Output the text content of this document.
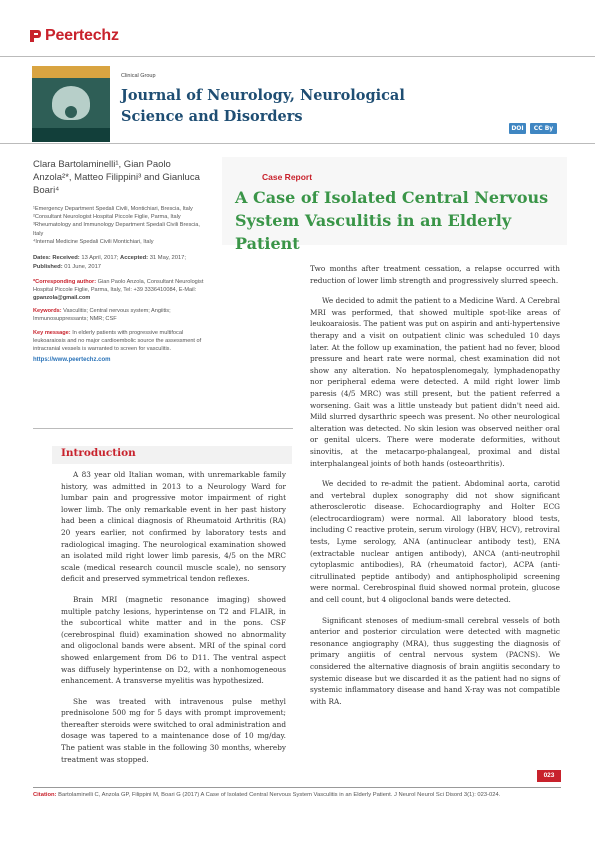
Peertechz
Clinical Group
Journal of Neurology, Neurological Science and Disorders
DOI	CC By
Clara Bartolaminelli¹, Gian Paolo Anzola²*, Matteo Filippini³ and Gianluca Boari⁴
¹Emergency Department Spedali Civili, Montichiari, Brescia, Italy
²Consultant Neurologist Hospital Piccole Figlie, Parma, Italy
³Rheumatology and Immunology Department Spedali Civili Brescia, Italy
⁴Internal Medicine Spedali Civili Montichiari, Italy
Dates: Received: 13 April, 2017; Accepted: 31 May, 2017; Published: 01 June, 2017
*Corresponding author: Gian Paolo Anzola, Consultant Neurologist Hospital Piccole Figlie, Parma, Italy, Tel: +39 3336410084, E-Mail: gpanzola@gmail.com
Keywords: Vasculitis; Central nervous system; Angiitis; Immunosuppressants; NMR; CSF
Key message: In elderly patients with progressive multifocal leukoaraiosis and no major cardioembolic source the assessment of intracranial vessels is warranted to screen for vasculitis.
https://www.peertechz.com
Case Report
A Case of Isolated Central Nervous System Vasculitis in an Elderly Patient
Introduction

A 83 year old Italian woman, with unremarkable family history, was admitted in 2013 to a Neurology Ward for lumbar pain and progressive motor impairment of right lower limb. The only remarkable event in her past history had been a clinical diagnosis of Rheumatoid Arthritis (RA) 20 years earlier, not confirmed by laboratory tests and radiological imaging. The neurological examination showed an isolated mild right lower limb paresis, 4/5 on the MRC scale (medical research council muscle scale), no sensory deficit and preserved symmetrical tendon reflexes.

Brain MRI (magnetic resonance imaging) showed multiple patchy lesions, hyperintense on T2 and FLAIR, in the subcortical white matter and in the pons. CSF (cerebrospinal fluid) examination showed no abnormality and oligoclonal bands were absent. MRI of the spinal cord showed enlargement from D6 to D11. The ventral aspect was diffusely hyperintense on D2, with a nonhomogeneous enhancement. A transverse myelitis was hypothesized.

She was treated with intravenous pulse methyl prednisolone 500 mg for 5 days with prompt improvement; thereafter steroids were switched to oral administration and dosage was tapered to a maintenance dose of 10 mg/day. The patient was stable in the following 30 months, whereby treatment was stopped.

Two months after treatment cessation, a relapse occurred with reduction of lower limb strength and progressively slurred speech.

We decided to admit the patient to a Medicine Ward. A Cerebral MRI was performed, that showed multiple spot-like areas of leukoaraiosis. The patient was put on aspirin and anti-hypertensive therapy and a visit on outpatient clinic was scheduled 10 days later. At the follow up examination, the patient had no fever, blood pressure and heart rate were normal, chest examination did not show any alteration. No hepatosplenomegaly, lymphadenopathy nor peripheral edema were detected. A mild right lower limb paresis (4/5 MRC) was still present, but the patient referred a worsening. Gait was a little unsteady but patient didn't need aid. Mild slurred dysarthric speech was present. No other neurological alteration was detected. No skin lesion was observed neither oral or genital ulcers. There were moderate deformities, without sinovitis, at the metacarpo-phalangeal, proximal and distal interphalangeal joints of both hands (osteoarthritis).

We decided to re-admit the patient. Abdominal aorta, carotid and vertebral duplex sonography did not show significant atherosclerotic disease. Echocardiography and Holter ECG (electrocardiogram) were normal. All laboratory blood tests, including C reactive protein, serum virology (HBV, HCV), retroviral tests, Lyme serology, ANA (antinuclear antibody test), ENA (extractable nuclear antigen antibody), ANCA (anti-neutrophil cytoplasmic antibodies), RA (rheumatoid factor), ACPA (anti-citrullinated peptide antibody) and antiphospholipid screening were normal. Cerebrospinal fluid showed normal protein, glucose and cell count, but 4 oligoclonal bands were detected.

Significant stenoses of medium-small cerebral vessels of both anterior and posterior circulation were detected with magnetic resonance angiography (MRA), thus suggesting the diagnosis of primary angiitis of central nervous system (PACNS). We considered the alternative diagnosis of brain angiitis secondary to systemic disease but we discarded it as the patient had no signs of systemic inflammatory disease and hand X-ray was not compatible with RA.

023
Citation: Bartolaminelli C, Anzola GP, Filippini M, Boari G (2017) A Case of Isolated Central Nervous System Vasculitis in an Elderly Patient. J Neurol Neurol Sci Disord 3(1): 023-024.
